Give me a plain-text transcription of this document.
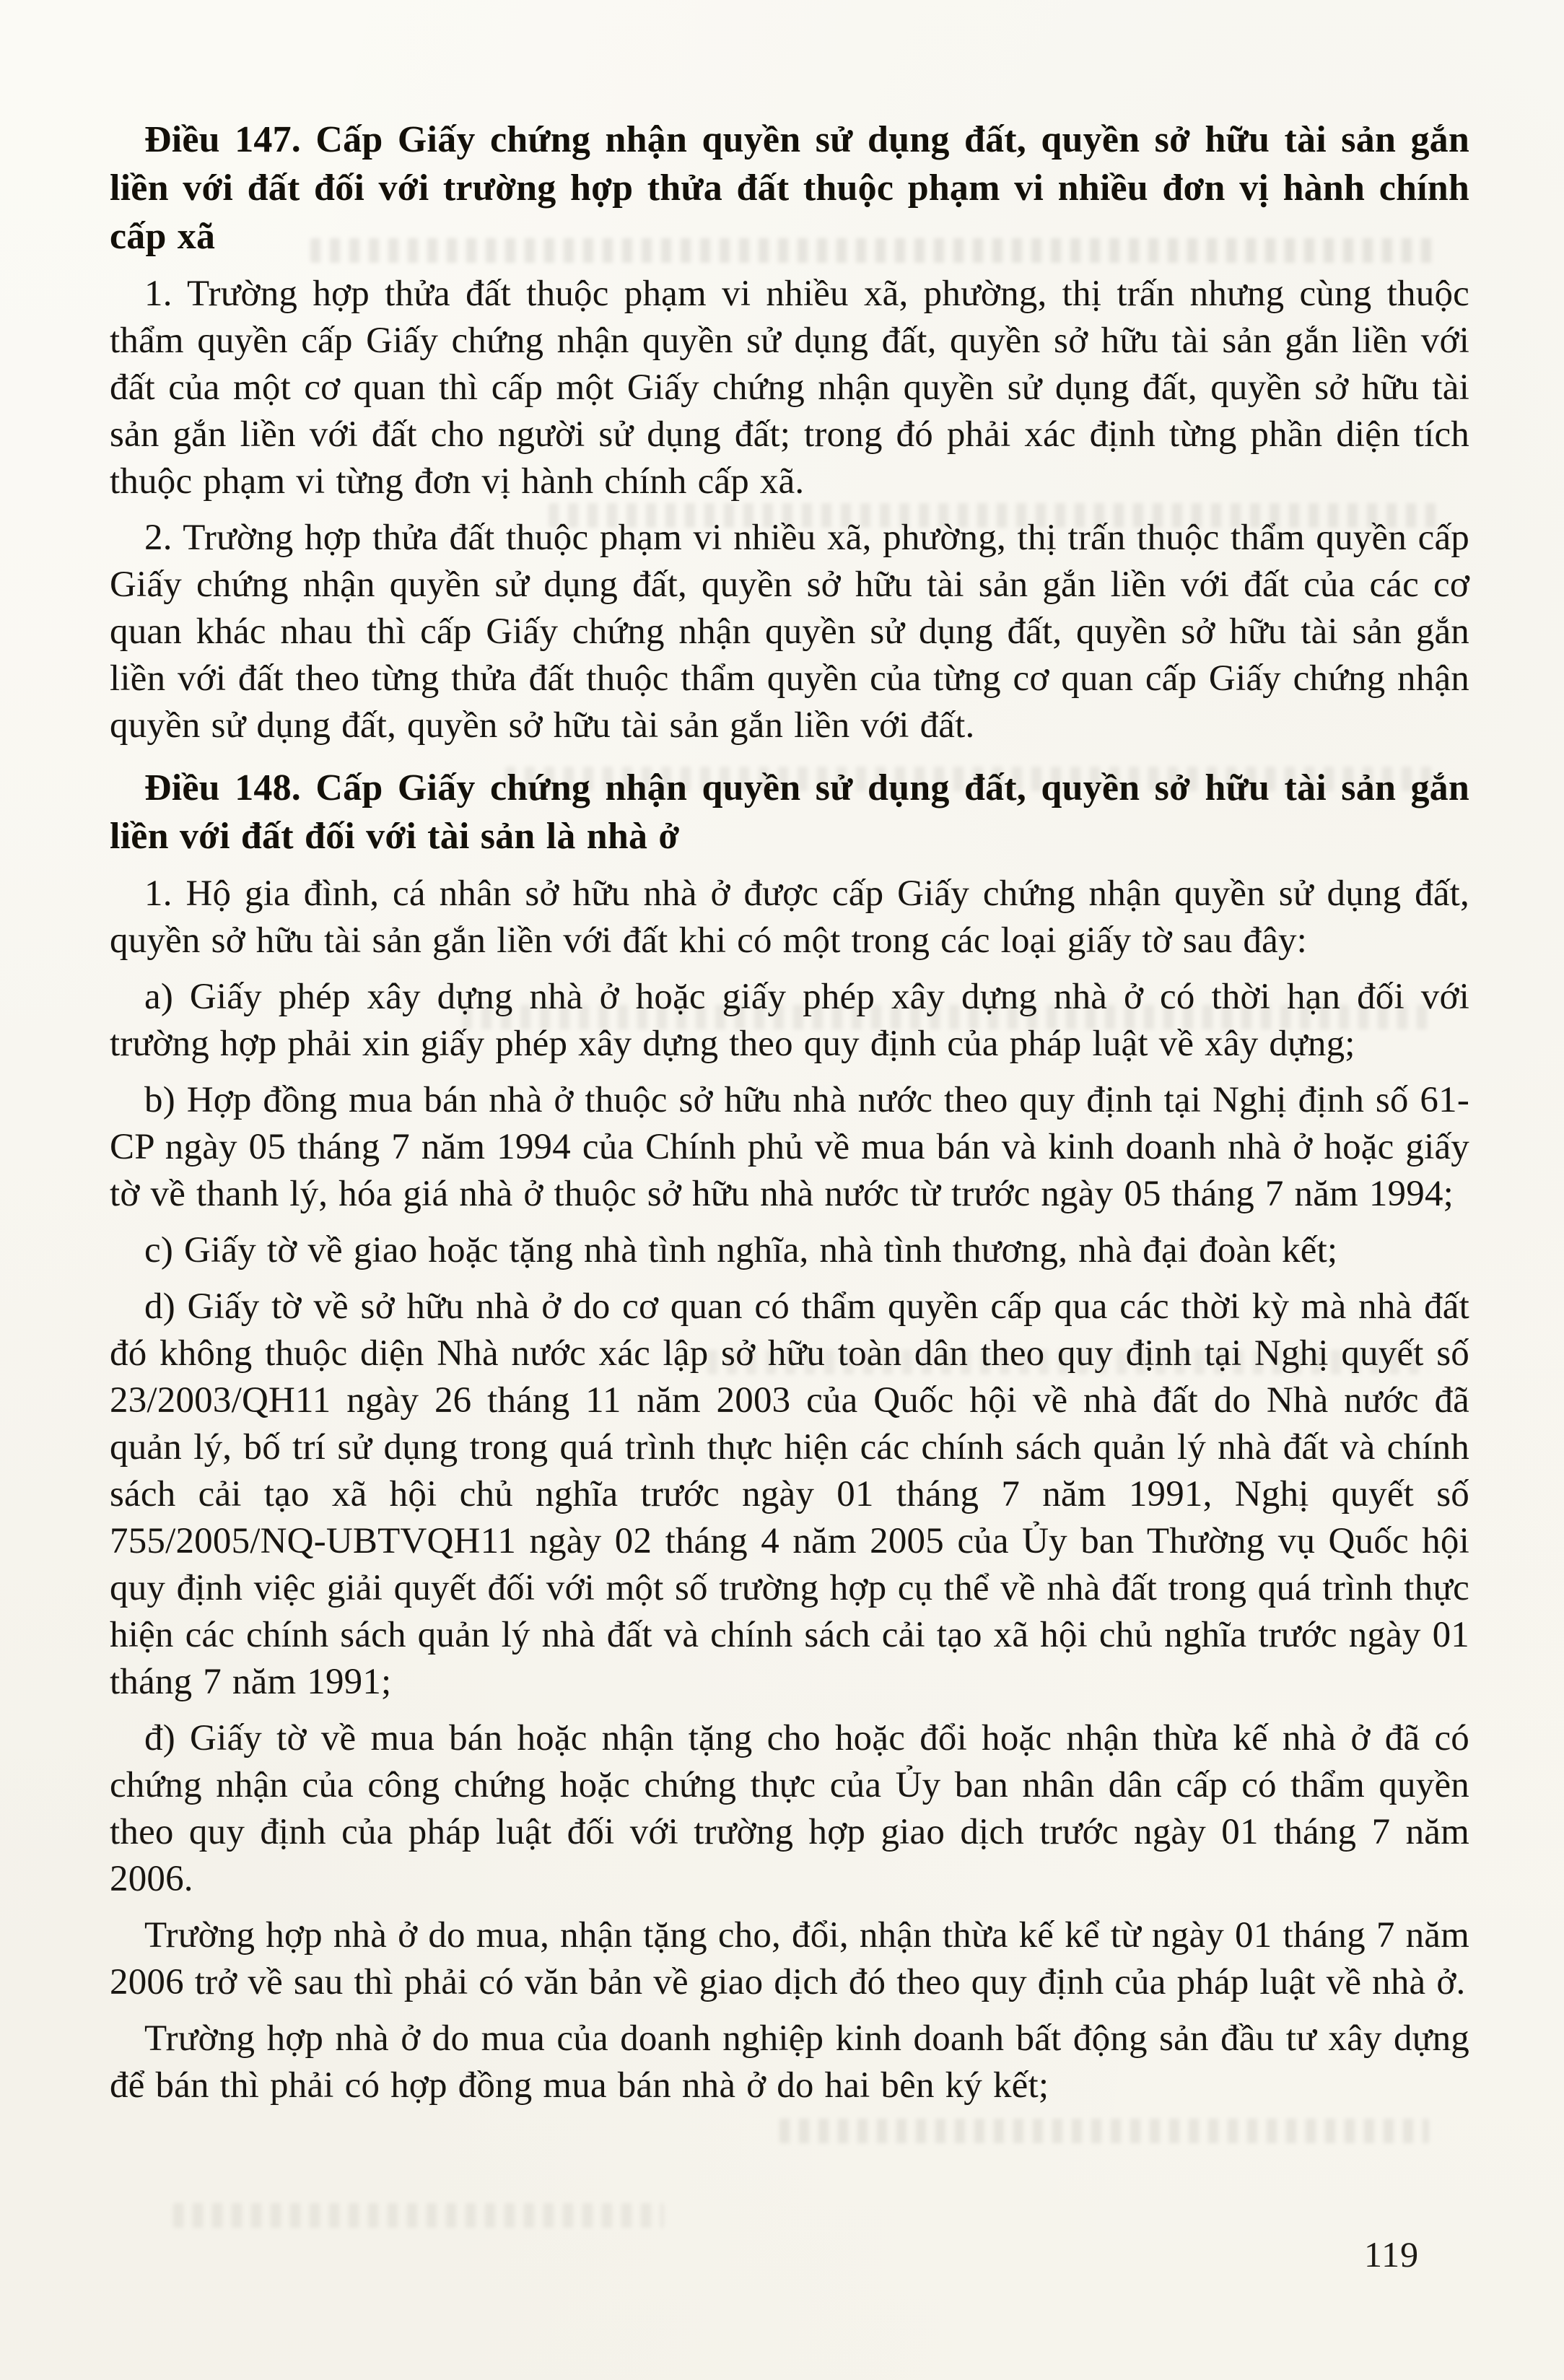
Điều 147. Cấp Giấy chứng nhận quyền sử dụng đất, quyền sở hữu tài sản gắn liền với đất đối với trường hợp thửa đất thuộc phạm vi nhiều đơn vị hành chính cấp xã

1. Trường hợp thửa đất thuộc phạm vi nhiều xã, phường, thị trấn nhưng cùng thuộc thẩm quyền cấp Giấy chứng nhận quyền sử dụng đất, quyền sở hữu tài sản gắn liền với đất của một cơ quan thì cấp một Giấy chứng nhận quyền sử dụng đất, quyền sở hữu tài sản gắn liền với đất cho người sử dụng đất; trong đó phải xác định từng phần diện tích thuộc phạm vi từng đơn vị hành chính cấp xã.

2. Trường hợp thửa đất thuộc phạm vi nhiều xã, phường, thị trấn thuộc thẩm quyền cấp Giấy chứng nhận quyền sử dụng đất, quyền sở hữu tài sản gắn liền với đất của các cơ quan khác nhau thì cấp Giấy chứng nhận quyền sử dụng đất, quyền sở hữu tài sản gắn liền với đất theo từng thửa đất thuộc thẩm quyền của từng cơ quan cấp Giấy chứng nhận quyền sử dụng đất, quyền sở hữu tài sản gắn liền với đất.

Điều 148. Cấp Giấy chứng nhận quyền sử dụng đất, quyền sở hữu tài sản gắn liền với đất đối với tài sản là nhà ở

1. Hộ gia đình, cá nhân sở hữu nhà ở được cấp Giấy chứng nhận quyền sử dụng đất, quyền sở hữu tài sản gắn liền với đất khi có một trong các loại giấy tờ sau đây:

a) Giấy phép xây dựng nhà ở hoặc giấy phép xây dựng nhà ở có thời hạn đối với trường hợp phải xin giấy phép xây dựng theo quy định của pháp luật về xây dựng;

b) Hợp đồng mua bán nhà ở thuộc sở hữu nhà nước theo quy định tại Nghị định số 61-CP ngày 05 tháng 7 năm 1994 của Chính phủ về mua bán và kinh doanh nhà ở hoặc giấy tờ về thanh lý, hóa giá nhà ở thuộc sở hữu nhà nước từ trước ngày 05 tháng 7 năm 1994;

c) Giấy tờ về giao hoặc tặng nhà tình nghĩa, nhà tình thương, nhà đại đoàn kết;

d) Giấy tờ về sở hữu nhà ở do cơ quan có thẩm quyền cấp qua các thời kỳ mà nhà đất đó không thuộc diện Nhà nước xác lập sở hữu toàn dân theo quy định tại Nghị quyết số 23/2003/QH11 ngày 26 tháng 11 năm 2003 của Quốc hội về nhà đất do Nhà nước đã quản lý, bố trí sử dụng trong quá trình thực hiện các chính sách quản lý nhà đất và chính sách cải tạo xã hội chủ nghĩa trước ngày 01 tháng 7 năm 1991, Nghị quyết số 755/2005/NQ-UBTVQH11 ngày 02 tháng 4 năm 2005 của Ủy ban Thường vụ Quốc hội quy định việc giải quyết đối với một số trường hợp cụ thể về nhà đất trong quá trình thực hiện các chính sách quản lý nhà đất và chính sách cải tạo xã hội chủ nghĩa trước ngày 01 tháng 7 năm 1991;

đ) Giấy tờ về mua bán hoặc nhận tặng cho hoặc đổi hoặc nhận thừa kế nhà ở đã có chứng nhận của công chứng hoặc chứng thực của Ủy ban nhân dân cấp có thẩm quyền theo quy định của pháp luật đối với trường hợp giao dịch trước ngày 01 tháng 7 năm 2006.

Trường hợp nhà ở do mua, nhận tặng cho, đổi, nhận thừa kế kể từ ngày 01 tháng 7 năm 2006 trở về sau thì phải có văn bản về giao dịch đó theo quy định của pháp luật về nhà ở.

Trường hợp nhà ở do mua của doanh nghiệp kinh doanh bất động sản đầu tư xây dựng để bán thì phải có hợp đồng mua bán nhà ở do hai bên ký kết;

119
